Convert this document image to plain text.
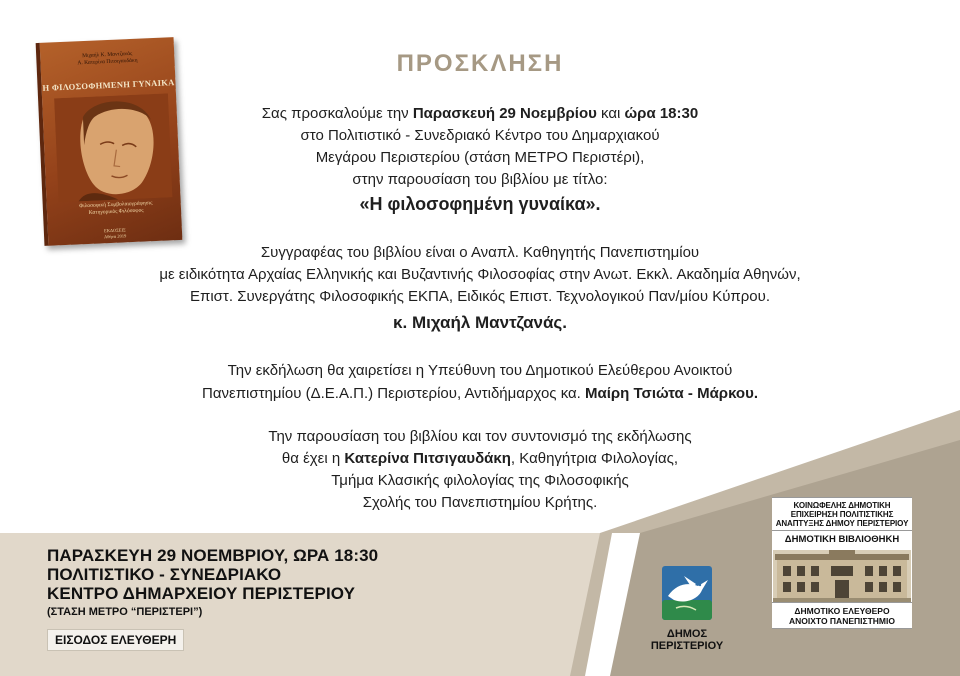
Μιχαήλ Κ. Μαντζανάς
Α. Κατερίνα Πιτσιγαυδάκη
Η ΦΙΛΟΣΟΦΗΜΕΝΗ ΓΥΝΑΙΚΑ
Φιλοσοφική Συμβολαιογράφησις
Κατηγορικός Φιλόσοφος
ΕΚΔΟΣΕΙΣ
Αθήνα 2019
ΠΡΟΣΚΛΗΣΗ
Σας προσκαλούμε την Παρασκευή 29 Νοεμβρίου και ώρα 18:30
στο Πολιτιστικό - Συνεδριακό Κέντρο του Δημαρχιακού
Μεγάρου Περιστερίου (στάση ΜΕΤΡΟ Περιστέρι),
στην παρουσίαση του βιβλίου με τίτλο:
«Η φιλοσοφημένη γυναίκα».
Συγγραφέας του βιβλίου είναι ο Αναπλ. Καθηγητής Πανεπιστημίου
με ειδικότητα Αρχαίας Ελληνικής και Βυζαντινής Φιλοσοφίας στην Ανωτ. Εκκλ. Ακαδημία Αθηνών,
Επιστ. Συνεργάτης Φιλοσοφικής ΕΚΠΑ, Ειδικός Επιστ. Τεχνολογικού Παν/μίου Κύπρου.
κ. Μιχαήλ Μαντζανάς.
Την εκδήλωση θα χαιρετίσει η Υπεύθυνη του Δημοτικού Ελεύθερου Ανοικτού
Πανεπιστημίου (Δ.Ε.Α.Π.) Περιστερίου, Αντιδήμαρχος κα. Μαίρη Τσιώτα - Μάρκου.
Την παρουσίαση του βιβλίου και τον συντονισμό της εκδήλωσης
θα έχει η Κατερίνα Πιτσιγαυδάκη, Καθηγήτρια Φιλολογίας,
Τμήμα Κλασικής φιλολογίας της Φιλοσοφικής
Σχολής του Πανεπιστημίου Κρήτης.
ΠΑΡΑΣΚΕΥΗ 29 ΝΟΕΜΒΡΙΟΥ, ΩΡΑ 18:30
ΠΟΛΙΤΙΣΤΙΚΟ - ΣΥΝΕΔΡΙΑΚΟ
ΚΕΝΤΡΟ ΔΗΜΑΡΧΕΙΟΥ ΠΕΡΙΣΤΕΡΙΟΥ
(ΣΤΑΣΗ ΜΕΤΡΟ “ΠΕΡΙΣΤΕΡΙ”)
ΕΙΣΟΔΟΣ ΕΛΕΥΘΕΡΗ	ΔΗΜΟΣ
ΠΕΡΙΣΤΕΡΙΟΥ
ΚΟΙΝΩΦΕΛΗΣ ΔΗΜΟΤΙΚΗ
ΕΠΙΧΕΙΡΗΣΗ ΠΟΛΙΤΙΣΤΙΚΗΣ
ΑΝΑΠΤΥΞΗΣ ΔΗΜΟΥ ΠΕΡΙΣΤΕΡΙΟΥ
ΔΗΜΟΤΙΚΗ ΒΙΒΛΙΟΘΗΚΗ
ΔΗΜΟΤΙΚΟ ΕΛΕΥΘΕΡΟ
ΑΝΟΙΧΤΟ ΠΑΝΕΠΙΣΤΗΜΙΟ
